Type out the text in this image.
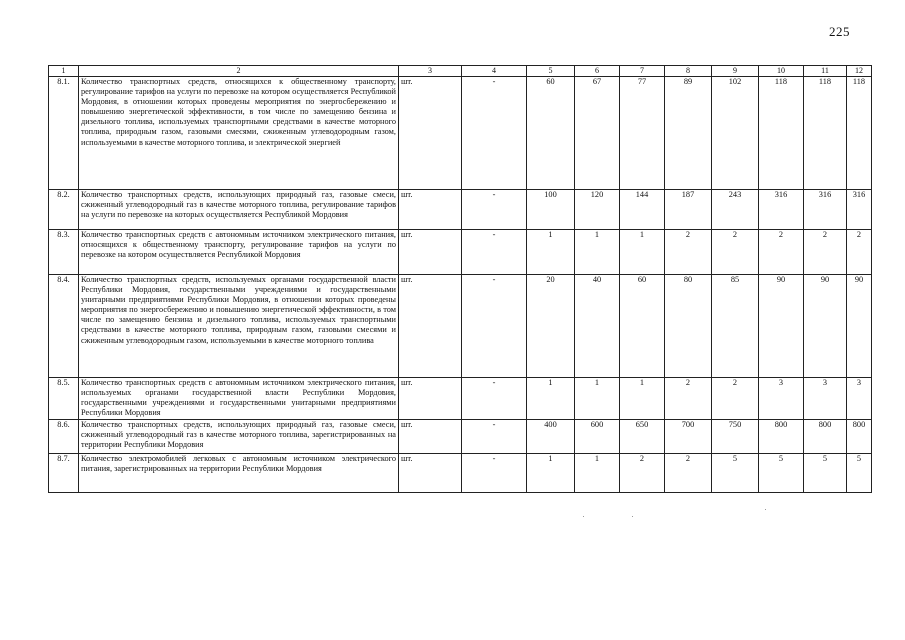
225
1	2	3	4	5	6	7	8	9	10	11	12
8.1.	Количество транспортных средств, относящихся к общественному транспорту, регулирование тарифов на услуги по перевозке на котором осуществляется Республикой Мордовия, в отношении которых проведены мероприятия по энергосбережению и повышению энергетической эффективности, в том числе по замещению бензина и дизельного топлива, используемых транспортными средствами в качестве моторного топлива, природным газом, газовыми смесями, сжиженным углеводородным газом, используемыми в качестве моторного топлива, и электрической энергией	шт.	-	60	67	77	89	102	118	118	118
8.2.	Количество транспортных средств, использующих природный газ, газовые смеси, сжиженный углеводородный газ в качестве моторного топлива, регулирование тарифов на услуги по перевозке на которых осуществляется Республикой Мордовия	шт.	-	100	120	144	187	243	316	316	316
8.3.	Количество транспортных средств с автономным источником электрического питания, относящихся к общественному транспорту, регулирование тарифов на услуги по перевозке на котором осуществляется Республикой Мордовия	шт.	-	1	1	1	2	2	2	2	2
8.4.	Количество транспортных средств, используемых органами государственной власти Республики Мордовия, государственными учреждениями и государственными унитарными предприятиями Республики Мордовия, в отношении которых проведены мероприятия по энергосбережению и повышению энергетической эффективности, в том числе по замещению бензина и дизельного топлива, используемых транспортными средствами в качестве моторного топлива, природным газом, газовыми смесями и сжиженным углеводородным газом, используемыми в качестве моторного топлива	шт.	-	20	40	60	80	85	90	90	90
8.5.	Количество транспортных средств с автономным источником электрического питания, используемых органами государственной власти Республики Мордовия, государственными учреждениями и государственными унитарными предприятиями Республики Мордовия	шт.	-	1	1	1	2	2	3	3	3
8.6.	Количество транспортных средств, использующих природный газ, газовые смеси, сжиженный углеводородный газ в качестве моторного топлива, зарегистрированных на территории Республики Мордовия	шт.	-	400	600	650	700	750	800	800	800
8.7.	Количество электромобилей легковых с автономным источником электрического питания, зарегистрированных на территории Республики Мордовия	шт.	-	1	1	2	2	5	5	5	5
